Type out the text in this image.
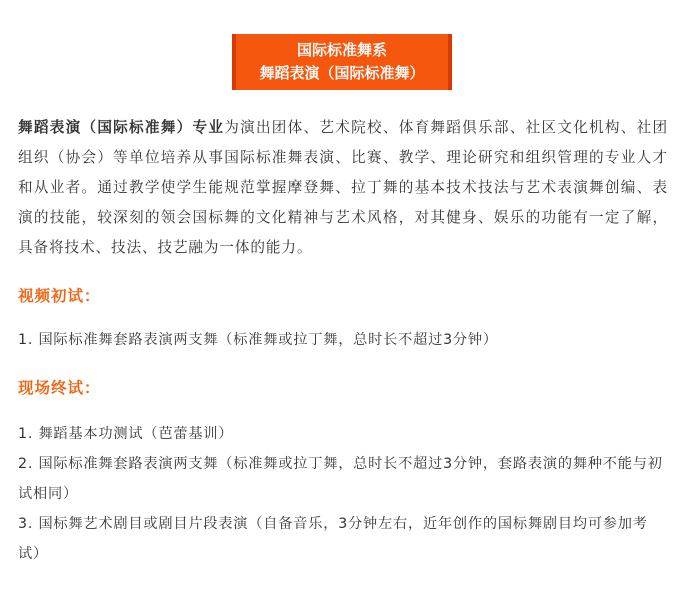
国际标准舞系
舞蹈表演（国际标准舞）

舞蹈表演（国际标准舞）专业为演出团体、艺术院校、体育舞蹈俱乐部、社区文化机构、社团组织（协会）等单位培养从事国际标准舞表演、比赛、教学、理论研究和组织管理的专业人才和从业者。通过教学使学生能规范掌握摩登舞、拉丁舞的基本技术技法与艺术表演舞创编、表演的技能，较深刻的领会国标舞的文化精神与艺术风格，对其健身、娱乐的功能有一定了解，具备将技术、技法、技艺融为一体的能力。

视频初试：
1. 国际标准舞套路表演两支舞（标准舞或拉丁舞，总时长不超过3分钟）
现场终试：
1. 舞蹈基本功测试（芭蕾基训）
2. 国际标准舞套路表演两支舞（标准舞或拉丁舞，总时长不超过3分钟，套路表演的舞种不能与初试相同）
3. 国标舞艺术剧目或剧目片段表演（自备音乐，3分钟左右，近年创作的国标舞剧目均可参加考试）
